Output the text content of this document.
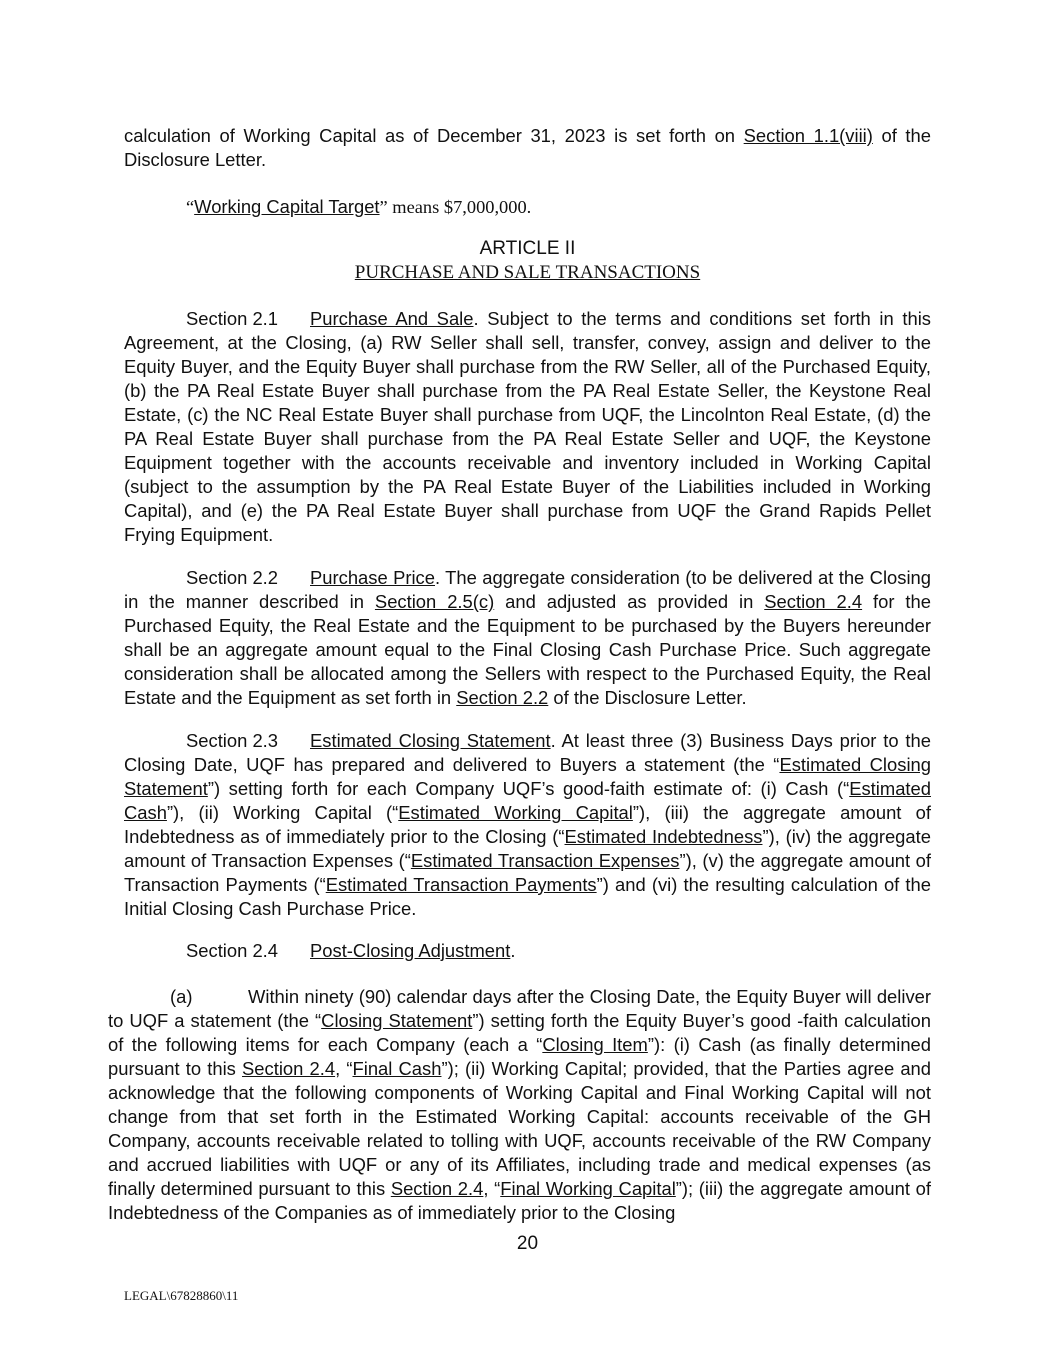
calculation of Working Capital as of December 31, 2023 is set forth on Section 1.1(viii) of the Disclosure Letter.

“Working Capital Target” means $7,000,000.

ARTICLE II

PURCHASE AND SALE TRANSACTIONS

Section 2.1 Purchase And Sale. Subject to the terms and conditions set forth in this Agreement, at the Closing, (a) RW Seller shall sell, transfer, convey, assign and deliver to the Equity Buyer, and the Equity Buyer shall purchase from the RW Seller, all of the Purchased Equity, (b) the PA Real Estate Buyer shall purchase from the PA Real Estate Seller, the Keystone Real Estate, (c) the NC Real Estate Buyer shall purchase from UQF, the Lincolnton Real Estate, (d) the PA Real Estate Buyer shall purchase from the PA Real Estate Seller and UQF, the Keystone Equipment together with the accounts receivable and inventory included in Working Capital (subject to the assumption by the PA Real Estate Buyer of the Liabilities included in Working Capital), and (e) the PA Real Estate Buyer shall purchase from UQF the Grand Rapids Pellet Frying Equipment.

Section 2.2 Purchase Price. The aggregate consideration (to be delivered at the Closing in the manner described in Section 2.5(c) and adjusted as provided in Section 2.4 for the Purchased Equity, the Real Estate and the Equipment to be purchased by the Buyers hereunder shall be an aggregate amount equal to the Final Closing Cash Purchase Price. Such aggregate consideration shall be allocated among the Sellers with respect to the Purchased Equity, the Real Estate and the Equipment as set forth in Section 2.2 of the Disclosure Letter.

Section 2.3 Estimated Closing Statement. At least three (3) Business Days prior to the Closing Date, UQF has prepared and delivered to Buyers a statement (the “Estimated Closing Statement”) setting forth for each Company UQF’s good-faith estimate of: (i) Cash (“Estimated Cash”), (ii) Working Capital (“Estimated Working Capital”), (iii) the aggregate amount of Indebtedness as of immediately prior to the Closing (“Estimated Indebtedness”), (iv) the aggregate amount of Transaction Expenses (“Estimated Transaction Expenses”), (v) the aggregate amount of Transaction Payments (“Estimated Transaction Payments”) and (vi) the resulting calculation of the Initial Closing Cash Purchase Price.

Section 2.4 Post-Closing Adjustment.

(a)	Within ninety (90) calendar days after the Closing Date, the Equity Buyer will deliver to UQF a statement (the “Closing Statement”) setting forth the Equity Buyer’s good -faith calculation of the following items for each Company (each a “Closing Item”): (i) Cash (as finally determined pursuant to this Section 2.4, “Final Cash”); (ii) Working Capital; provided, that the Parties agree and acknowledge that the following components of Working Capital and Final Working Capital will not change from that set forth in the Estimated Working Capital: accounts receivable of the GH Company, accounts receivable related to tolling with UQF, accounts receivable of the RW Company and accrued liabilities with UQF or any of its Affiliates, including trade and medical expenses (as finally determined pursuant to this Section 2.4, “Final Working Capital”); (iii) the aggregate amount of Indebtedness of the Companies as of immediately prior to the Closing

20
LEGAL\67828860\11
